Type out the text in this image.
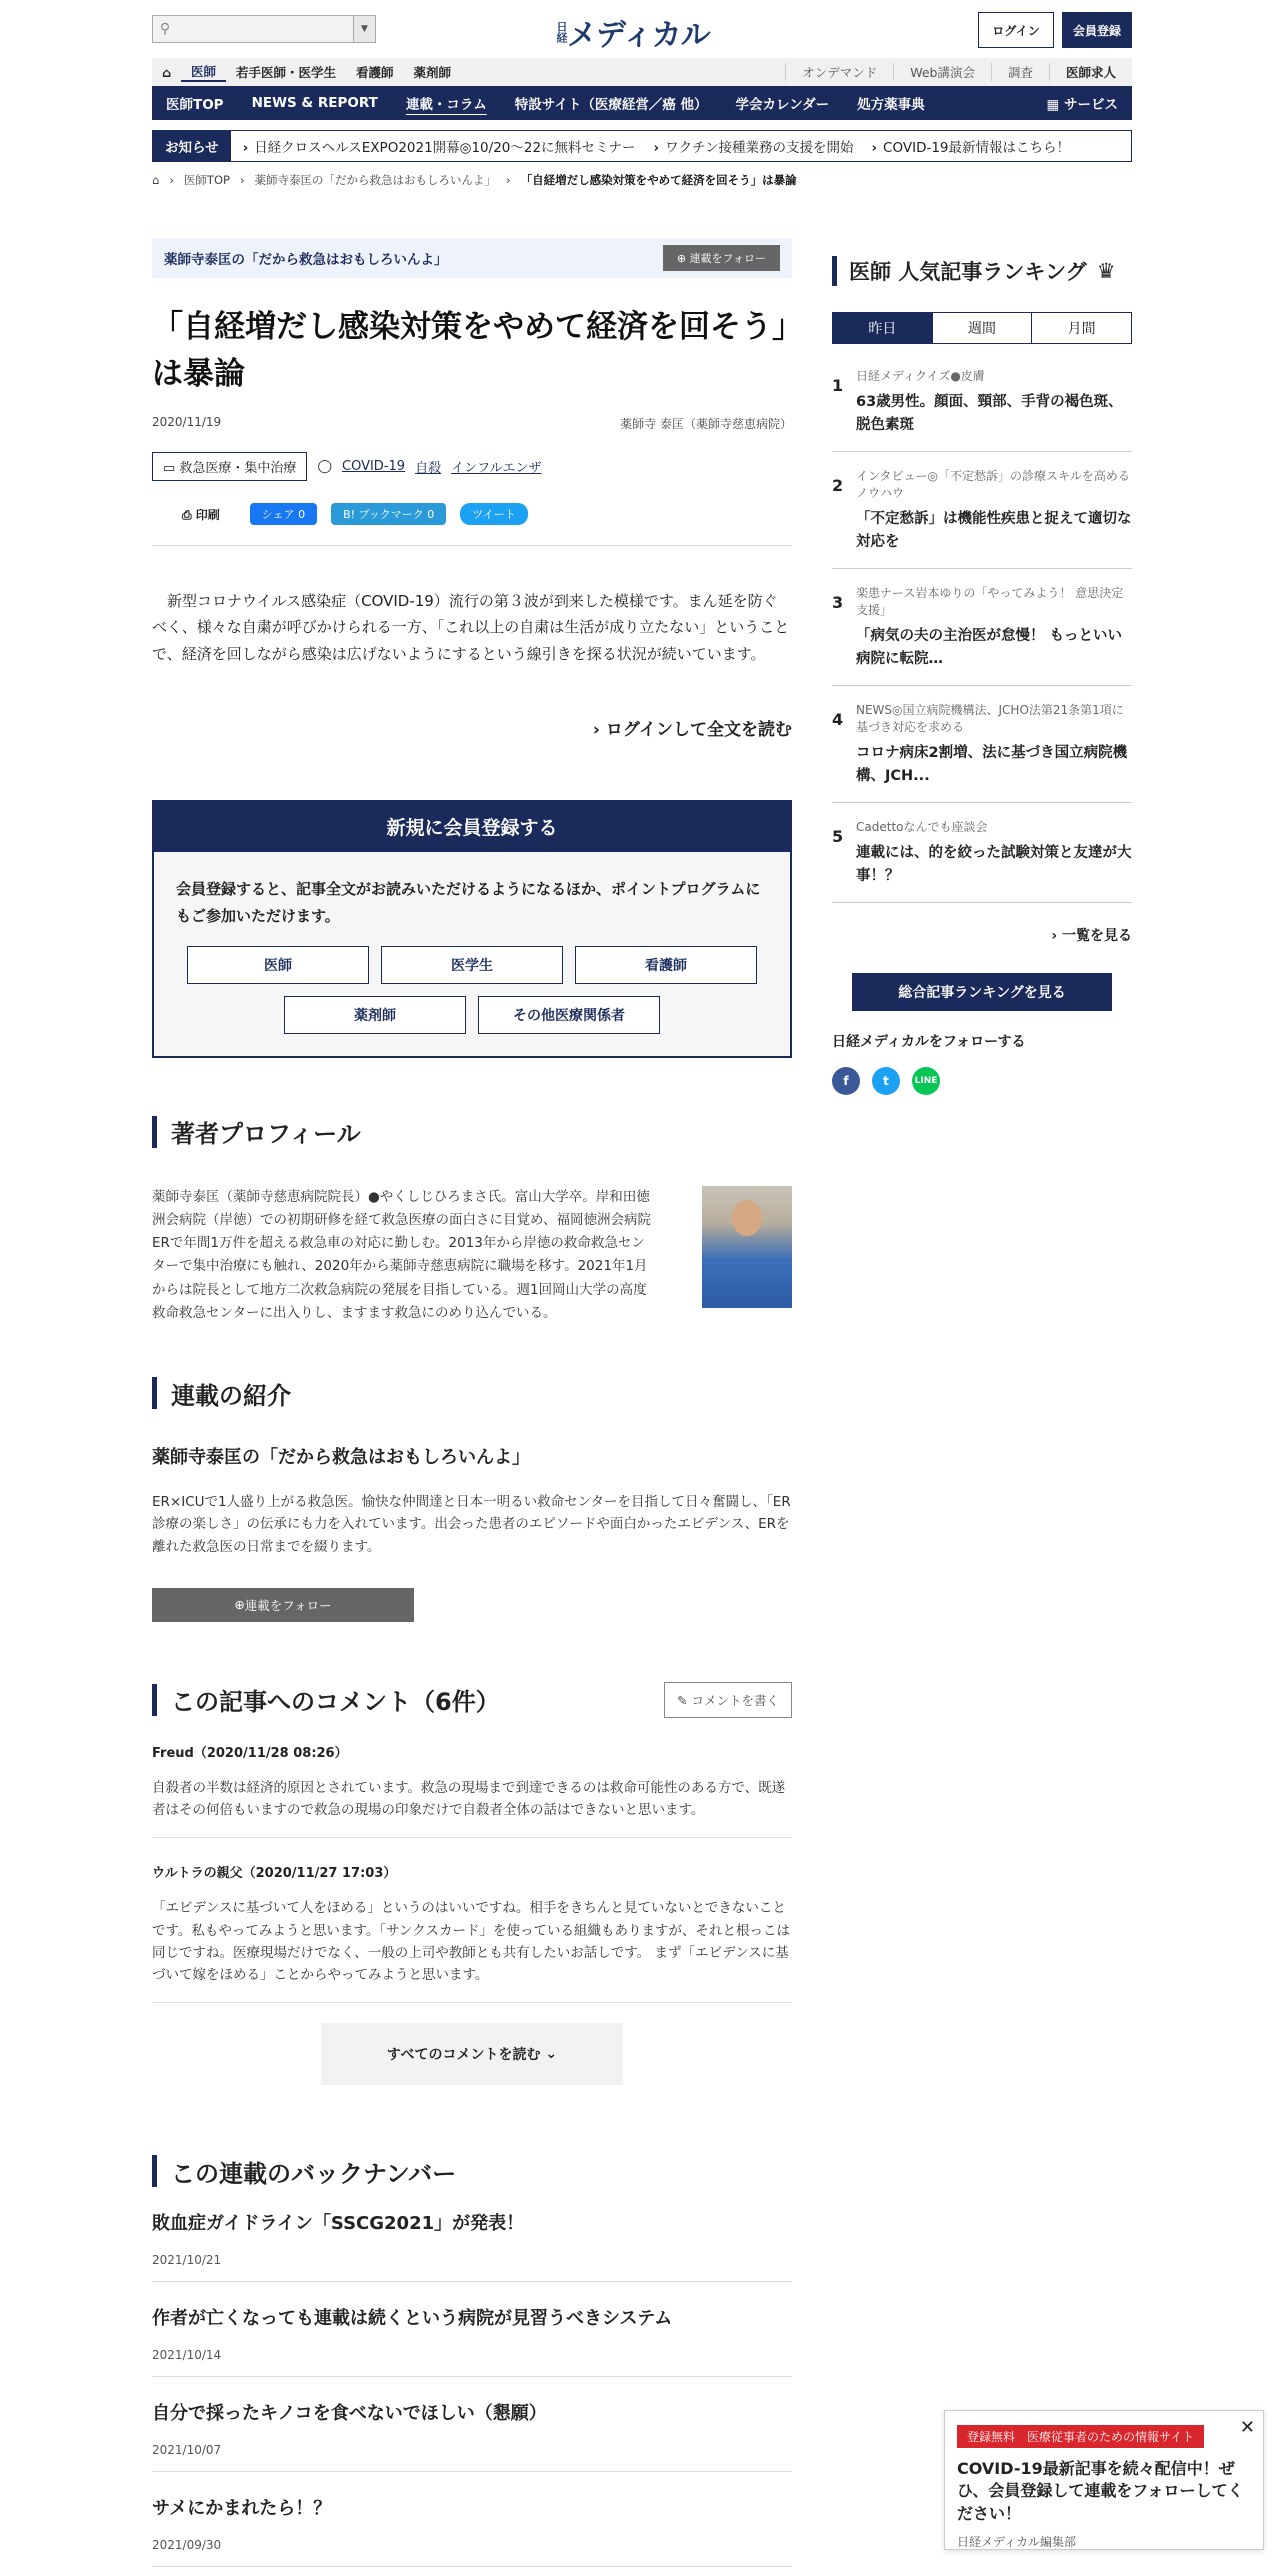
⚲	▼	日経 メディカル	ログイン	会員登録
⌂	医師	若手医師・医学生	看護師	薬剤師	オンデマンド	Web講演会	調査	医師求人
医師TOP	NEWS & REPORT	連載・コラム	特設サイト（医療経営／癌 他）	学会カレンダー	処方薬事典	▦ サービス
お知らせ	› 日経クロスヘルスEXPO2021開幕◎10/20～22に無料セミナー	› ワクチン接種業務の支援を開始	› COVID-19最新情報はこちら！
⌂ › 医師TOP › 薬師寺泰匡の「だから救急はおもしろいんよ」 › 「自経増だし感染対策をやめて経済を回そう」は暴論
薬師寺泰匡の「だから救急はおもしろいんよ」	⊕ 連載をフォロー
「自経増だし感染対策をやめて経済を回そう」は暴論
2020/11/19	薬師寺 泰匡（薬師寺慈恵病院）
▭ 救急医療・集中治療	◯ COVID-19 自殺 インフルエンザ
⎙ 印刷	シェア 0	B! ブックマーク 0	ツイート

新型コロナウイルス感染症（COVID-19）流行の第３波が到来した模様です。まん延を防ぐべく、様々な自粛が呼びかけられる一方、「これ以上の自粛は生活が成り立たない」ということで、経済を回しながら感染は広げないようにするという線引きを探る状況が続いています。

› ログインして全文を読む
新規に会員登録する
会員登録すると、記事全文がお読みいただけるようになるほか、ポイントプログラムにもご参加いただけます。
医師	医学生	看護師
薬剤師	その他医療関係者
著者プロフィール

薬師寺泰匡（薬師寺慈恵病院院長）●やくしじひろまさ氏。富山大学卒。岸和田徳洲会病院（岸徳）での初期研修を経て救急医療の面白さに目覚め、福岡徳洲会病院ERで年間1万件を超える救急車の対応に勤しむ。2013年から岸徳の救命救急センターで集中治療にも触れ、2020年から薬師寺慈恵病院に職場を移す。2021年1月からは院長として地方二次救急病院の発展を目指している。週1回岡山大学の高度救命救急センターに出入りし、ますます救急にのめり込んでいる。

連載の紹介
薬師寺泰匡の「だから救急はおもしろいんよ」

ER×ICUで1人盛り上がる救急医。愉快な仲間達と日本一明るい救命センターを目指して日々奮闘し、「ER診療の楽しさ」の伝承にも力を入れています。出会った患者のエピソードや面白かったエビデンス、ERを離れた救急医の日常までを綴ります。

⊕ 連載をフォロー
この記事へのコメント（6件）	✎ コメントを書く
Freud（2020/11/28 08:26）

自殺者の半数は経済的原因とされています。救急の現場まで到達できるのは救命可能性のある方で、既遂者はその何倍もいますので救急の現場の印象だけで自殺者全体の話はできないと思います。

ウルトラの親父（2020/11/27 17:03）

「エビデンスに基づいて人をほめる」というのはいいですね。相手をきちんと見ていないとできないことです。私もやってみようと思います。「サンクスカード」を使っている組織もありますが、それと根っこは同じですね。医療現場だけでなく、一般の上司や教師とも共有したいお話しです。 まず「エビデンスに基づいて嫁をほめる」ことからやってみようと思います。

すべてのコメントを読む ⌄
この連載のバックナンバー
敗血症ガイドライン「SSCG2021」が発表！
2021/10/21
作者が亡くなっても連載は続くという病院が見習うべきシステム
2021/10/14
自分で採ったキノコを食べないでほしい（懇願）
2021/10/07
サメにかまれたら！？
2021/09/30
医師 人気記事ランキング ♛
昨日	週間	月間
1 日経メディクイズ●皮膚
63歳男性。顔面、頸部、手背の褐色斑、脱色素斑
2 インタビュー◎「不定愁訴」の診療スキルを高めるノウハウ
「不定愁訴」は機能性疾患と捉えて適切な対応を
3 楽患ナース岩本ゆりの「やってみよう！ 意思決定支援」
「病気の夫の主治医が怠慢！ もっといい病院に転院…
4 NEWS◎国立病院機構法、JCHO法第21条第1項に基づき対応を求める
コロナ病床2割増、法に基づき国立病院機構、JCH...
5 Cadettoなんでも座談会
連載には、的を絞った試験対策と友達が大事！？
› 一覧を見る
総合記事ランキングを見る
日経メディカルをフォローする
f	t	LINE
✕
登録無料　医療従事者のための情報サイト
COVID-19最新記事を続々配信中！ぜひ、会員登録して連載をフォローしてください！
日経メディカル編集部
